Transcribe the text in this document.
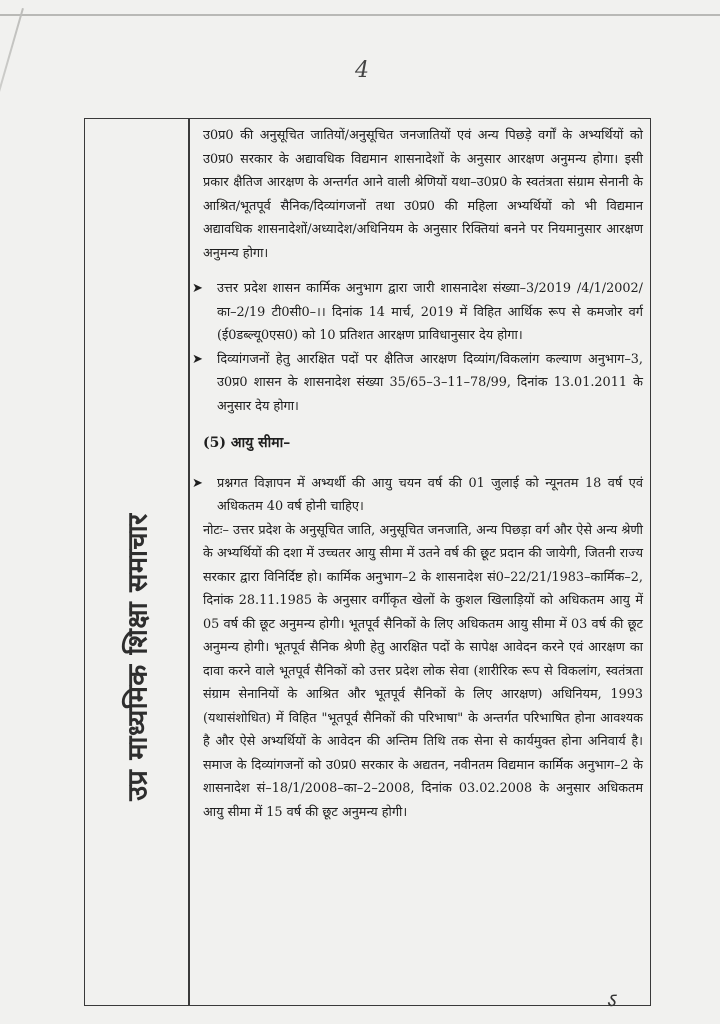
4
उप्र माध्यमिक शिक्षा समाचार

उ0प्र0 की अनुसूचित जातियों/अनुसूचित जनजातियों एवं अन्य पिछड़े वर्गों के अभ्यर्थियों को उ0प्र0 सरकार के अद्यावधिक विद्यमान शासनादेशों के अनुसार आरक्षण अनुमन्य होगा। इसी प्रकार क्षैतिज आरक्षण के अन्तर्गत आने वाली श्रेणियों यथा–उ0प्र0 के स्वतंत्रता संग्राम सेनानी के आश्रित/भूतपूर्व सैनिक/दिव्यांगजनों तथा उ0प्र0 की महिला अभ्यर्थियों को भी विद्यमान अद्यावधिक शासनादेशों/अध्यादेश/अधिनियम के अनुसार रिक्तियां बनने पर नियमानुसार आरक्षण अनुमन्य होगा।

➤ उत्तर प्रदेश शासन कार्मिक अनुभाग द्वारा जारी शासनादेश संख्या–3/2019 /4/1/2002/का–2/19 टी0सी0–।। दिनांक 14 मार्च, 2019 में विहित आर्थिक रूप से कमजोर वर्ग (ई0डब्ल्यू0एस0) को 10 प्रतिशत आरक्षण प्राविधानुसार देय होगा।

➤ दिव्यांगजनों हेतु आरक्षित पदों पर क्षैतिज आरक्षण दिव्यांग/विकलांग कल्याण अनुभाग–3, उ0प्र0 शासन के शासनादेश संख्या 35/65–3–11–78/99, दिनांक 13.01.2011 के अनुसार देय होगा।

(5) आयु सीमा–

➤ प्रश्नगत विज्ञापन में अभ्यर्थी की आयु चयन वर्ष की 01 जुलाई को न्यूनतम 18 वर्ष एवं अधिकतम 40 वर्ष होनी चाहिए।

नोटः– उत्तर प्रदेश के अनुसूचित जाति, अनुसूचित जनजाति, अन्य पिछड़ा वर्ग और ऐसे अन्य श्रेणी के अभ्यर्थियों की दशा में उच्चतर आयु सीमा में उतने वर्ष की छूट प्रदान की जायेगी, जितनी राज्य सरकार द्वारा विनिर्दिष्ट हो। कार्मिक अनुभाग–2 के शासनादेश सं0–22/21/1983–कार्मिक–2, दिनांक 28.11.1985 के अनुसार वर्गीकृत खेलों के कुशल खिलाड़ियों को अधिकतम आयु में 05 वर्ष की छूट अनुमन्य होगी। भूतपूर्व सैनिकों के लिए अधिकतम आयु सीमा में 03 वर्ष की छूट अनुमन्य होगी। भूतपूर्व सैनिक श्रेणी हेतु आरक्षित पदों के सापेक्ष आवेदन करने एवं आरक्षण का दावा करने वाले भूतपूर्व सैनिकों को उत्तर प्रदेश लोक सेवा (शारीरिक रूप से विकलांग, स्वतंत्रता संग्राम सेनानियों के आश्रित और भूतपूर्व सैनिकों के लिए आरक्षण) अधिनियम, 1993 (यथासंशोधित) में विहित "भूतपूर्व सैनिकों की परिभाषा" के अन्तर्गत परिभाषित होना आवश्यक है और ऐसे अभ्यर्थियों के आवेदन की अन्तिम तिथि तक सेना से कार्यमुक्त होना अनिवार्य है। समाज के दिव्यांगजनों को उ0प्र0 सरकार के अद्यतन, नवीनतम विद्यमान कार्मिक अनुभाग–2 के शासनादेश सं–18/1/2008–का–2–2008, दिनांक 03.02.2008 के अनुसार अधिकतम आयु सीमा में 15 वर्ष की छूट अनुमन्य होगी।

ऽ
